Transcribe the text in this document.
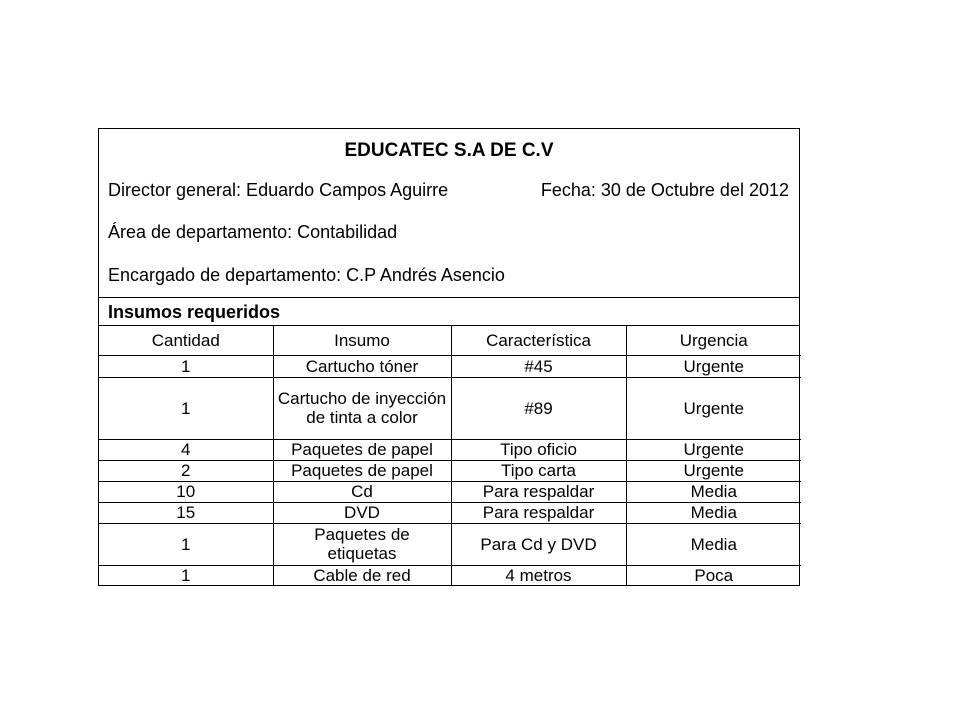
EDUCATEC S.A DE C.V
Director general: Eduardo Campos Aguirre	Fecha: 30 de Octubre del 2012
Área de departamento: Contabilidad
Encargado de departamento: C.P Andrés Asencio
Insumos requeridos
Cantidad	Insumo	Característica	Urgencia
1	Cartucho tóner	#45	Urgente
1	Cartucho de inyección de tinta a color	#89	Urgente
4	Paquetes de papel	Tipo oficio	Urgente
2	Paquetes de papel	Tipo carta	Urgente
10	Cd	Para respaldar	Media
15	DVD	Para respaldar	Media
1	Paquetes de etiquetas	Para Cd y DVD	Media
1	Cable de red	4 metros	Poca
